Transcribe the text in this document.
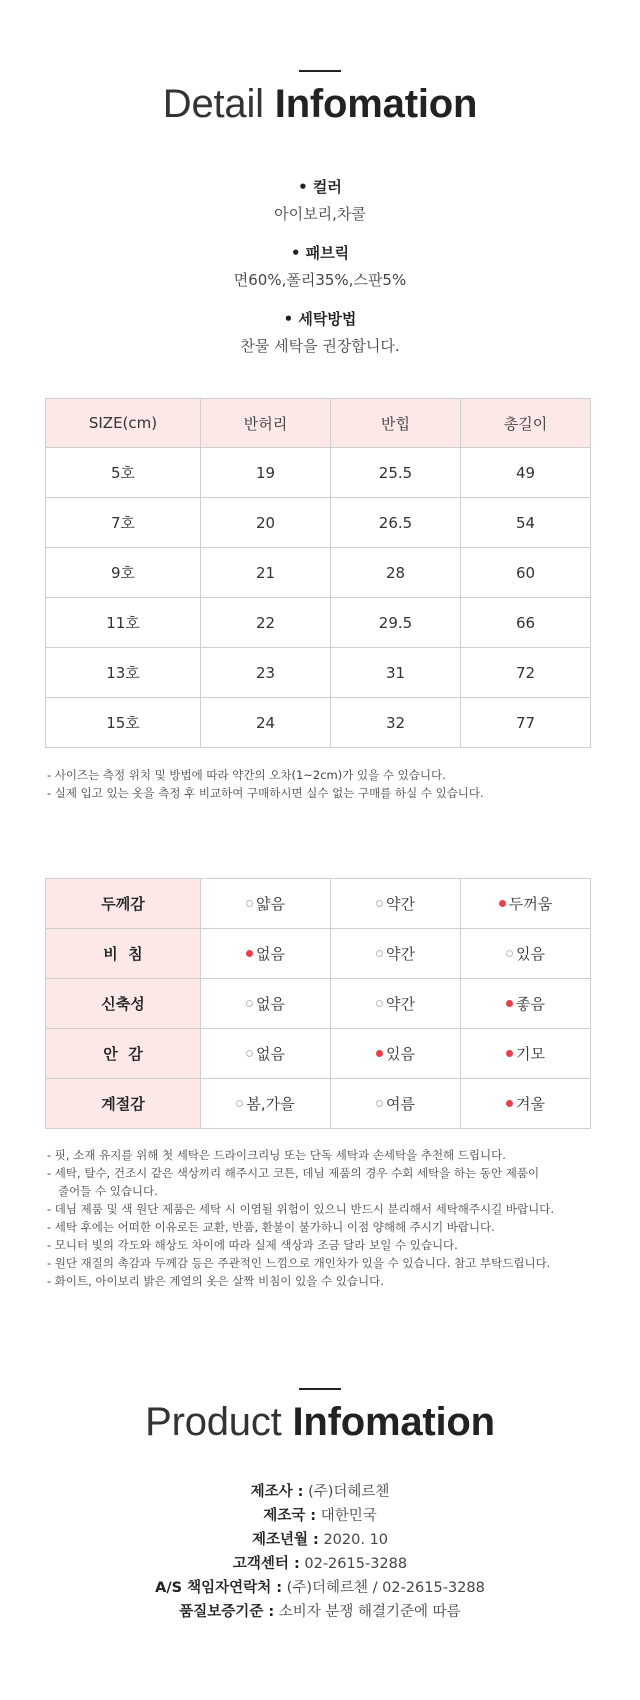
Detail Infomation
• 컬러
아이보리,차콜
• 패브릭
면60%,폴리35%,스판5%
• 세탁방법
찬물 세탁을 권장합니다.
SIZE(cm)	반허리	반힙	총길이
5호	19	25.5	49
7호	20	26.5	54
9호	21	28	60
11호	22	29.5	66
13호	23	31	72
15호	24	32	77

- 사이즈는 측정 위치 및 방법에 따라 약간의 오차(1~2cm)가 있을 수 있습니다.

- 실제 입고 있는 옷을 측정 후 비교하여 구매하시면 실수 없는 구매를 하실 수 있습니다.

두께감	얇음	약간	두꺼움
비  침	없음	약간	있음
신축성	없음	약간	좋음
안  감	없음	있음	기모
계절감	봄,가을	여름	겨울

- 핏, 소재 유지를 위해 첫 세탁은 드라이크리닝 또는 단독 세탁과 손세탁을 추천해 드립니다.

- 세탁, 탈수, 건조시 같은 색상끼리 해주시고 코튼, 데님 제품의 경우 수회 세탁을 하는 동안 제품이

줄어들 수 있습니다.

- 데님 제품 및 색 원단 제품은 세탁 시 이염될 위험이 있으니 반드시 분리해서 세탁해주시길 바랍니다.

- 세탁 후에는 어떠한 이유로든 교환, 반품, 환불이 불가하니 이점 양해해 주시기 바랍니다.

- 모니터 빛의 각도와 해상도 차이에 따라 실제 색상과 조금 달라 보일 수 있습니다.

- 원단 재질의 촉감과 두께감 등은 주관적인 느낌으로 개인차가 있을 수 있습니다. 참고 부탁드립니다.

- 화이트, 아이보리 밝은 계열의 옷은 살짝 비침이 있을 수 있습니다.

Product Infomation
제조사 : (주)더헤르첸
제조국 : 대한민국
제조년월 : 2020. 10
고객센터 : 02-2615-3288
A/S 책임자연락처 : (주)더헤르첸 / 02-2615-3288
품질보증기준 : 소비자 분쟁 해결기준에 따름
